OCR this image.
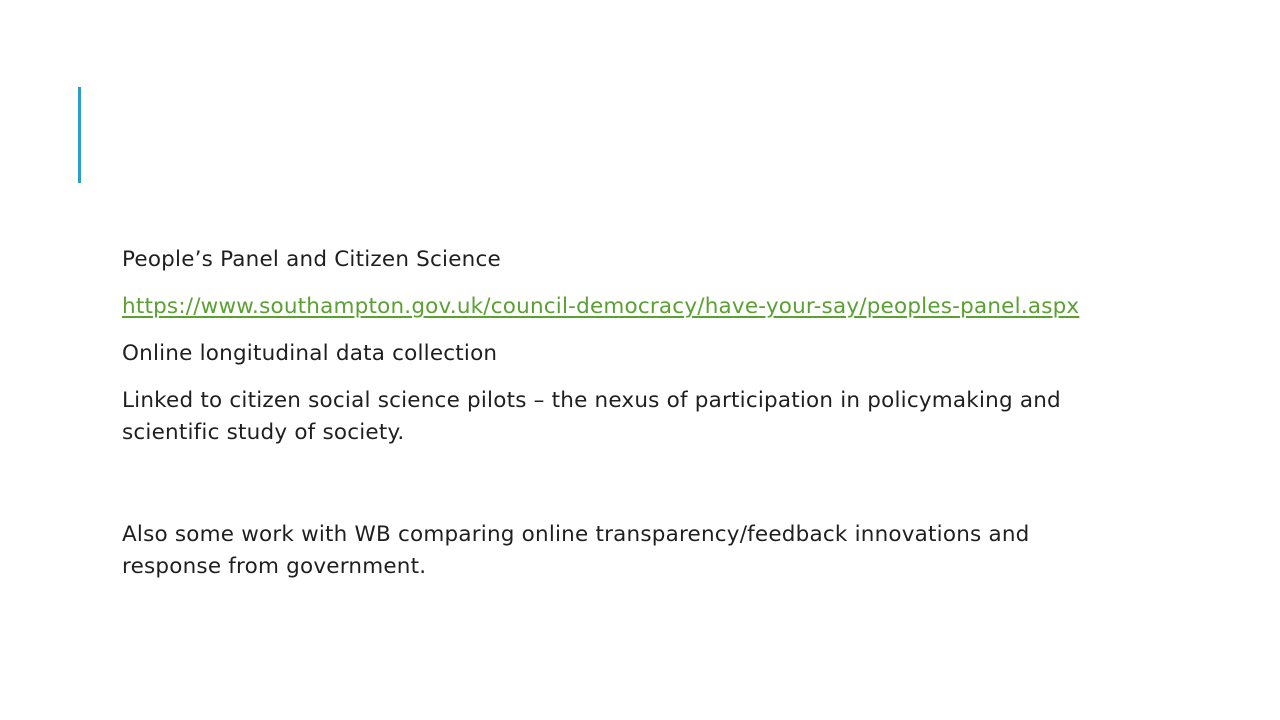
People’s Panel and Citizen Science

https://www.southampton.gov.uk/council-democracy/have-your-say/peoples-panel.aspx

Online longitudinal data collection

Linked to citizen social science pilots – the nexus of participation in policymaking and scientific study of society.

Also some work with WB comparing online transparency/feedback innovations and response from government.
